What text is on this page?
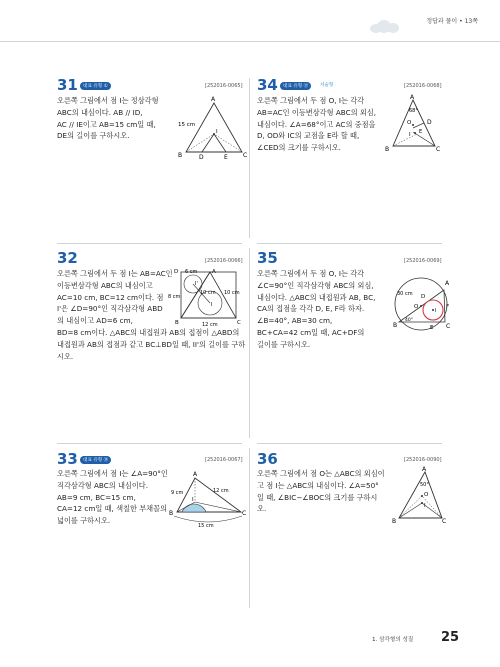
정답과 풀이 • 13쪽
31	대표 유형 ①	[252016-0065]
오른쪽 그림에서 점 I는 정삼각형
ABC의 내심이다. AB // ID,
AC // IE이고 AB=15 cm일 때,
DE의 길이를 구하시오.
A
B	C
D	E
I
15 cm
34	대표 유형 ⑰	서술형	[252016-0068]
오른쪽 그림에서 두 점 O, I는 각각
AB=AC인 이등변삼각형 ABC의 외심,
내심이다. ∠A=68°이고 AC의 중점을
D, OD와 IC의 교점을 E라 할 때,
∠CED의 크기를 구하시오.
A
B	C
D
E
O
I
68°
32	[252016-0066]
오른쪽 그림에서 두 점 I는 AB=AC인
이등변삼각형 ABC의 내심이고
AC=10 cm, BC=12 cm이다. 점
I'은 ∠D=90°인 직각삼각형 ABD
의 내심이고 AD=6 cm,
BD=8 cm이다. △ABC의 내접원과 AB의 접점이 △ABD의
내접원과 AB의 접점과 같고 BC⊥BD일 때, II'의 길이를 구하
시오.
D 6 cm	A
I'
I
8 cm
10 cm 10 cm
B	C
12 cm
35	[252016-0069]
오른쪽 그림에서 두 점 O, I는 각각
∠C=90°인 직각삼각형 ABC의 외심,
내심이다. △ABC의 내접원과 AB, BC,
CA의 접점을 각각 D, E, F라 하자.
∠B=40°, AB=30 cm,
BC+CA=42 cm일 때, AC+DF의
길이를 구하시오.
A
30 cm
O
D
I
F
B
40°
E C
33	대표 유형 ⑭	[252016-0067]
오른쪽 그림에서 점 I는 ∠A=90°인
직각삼각형 ABC의 내심이다.
AB=9 cm, BC=15 cm,
CA=12 cm일 때, 색칠한 부채꼴의
넓이를 구하시오.
A
9 cm	12 cm
B
I
C
15 cm
36	[252016-0090]
오른쪽 그림에서 점 O는 △ABC의 외심이
고 점 I는 △ABC의 내심이다. ∠A=50°
일 때, ∠BIC−∠BOC의 크기를 구하시
오.
A
50°
I
O
B	C
1. 삼각형의 성질 25
